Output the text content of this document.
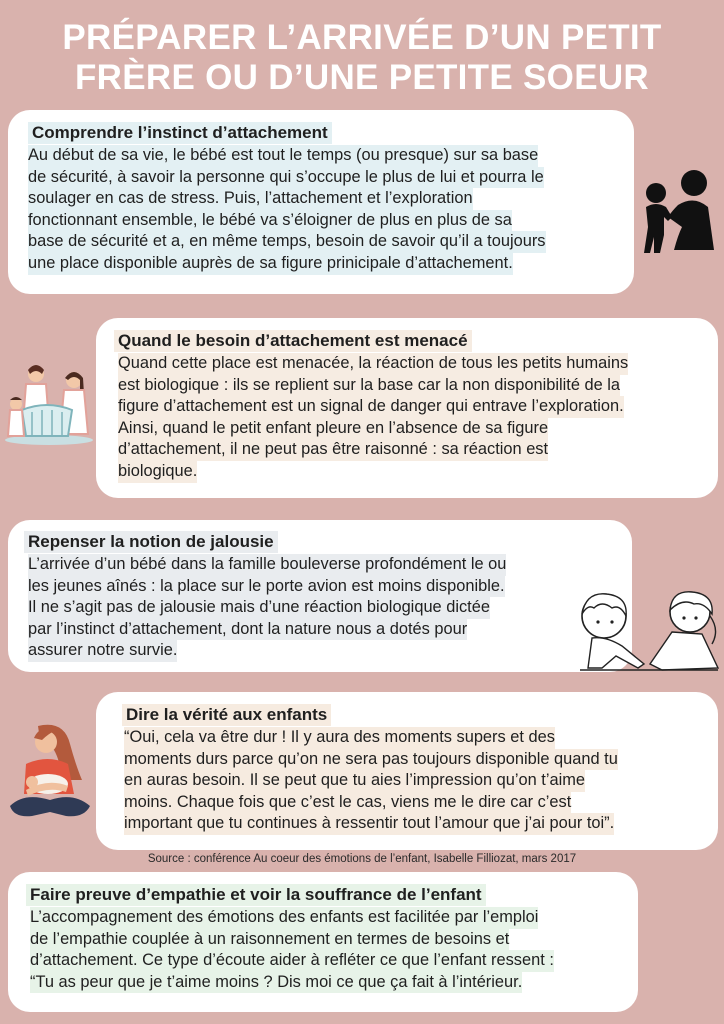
PRÉPARER L’ARRIVÉE D’UN PETIT
FRÈRE OU D’UNE PETITE SOEUR
Comprendre l’instinct d’attachement
Au début de sa vie, le bébé est tout le temps (ou presque) sur sa base
de sécurité, à savoir la personne qui s’occupe le plus de lui et pourra le
soulager en cas de stress. Puis, l’attachement et l’exploration
fonctionnant ensemble, le bébé va s’éloigner de plus en plus de sa
base de sécurité et a, en même temps, besoin de savoir qu’il a toujours
une place disponible auprès de sa figure prinicipale d’attachement.
Quand le besoin d’attachement est menacé
Quand cette place est menacée, la réaction de tous les petits humains
est biologique : ils se replient sur la base car la non disponibilité de la
figure d’attachement est un signal de danger qui entrave l’exploration.
Ainsi, quand le petit enfant pleure en l’absence de sa figure
d’attachement, il ne peut pas être raisonné : sa réaction est
biologique.
Repenser la notion de jalousie
L’arrivée d’un bébé dans la famille bouleverse profondément le ou
les jeunes aînés : la place sur le porte avion est moins disponible.
Il ne s’agit pas de jalousie mais d’une réaction biologique dictée
par l’instinct d’attachement, dont la nature nous a dotés pour
assurer notre survie.
Dire la vérité aux enfants
“Oui, cela va être dur ! Il y aura des moments supers et des
moments durs parce qu’on ne sera pas toujours disponible quand tu
en auras besoin. Il se peut que tu aies l’impression qu’on t’aime
moins. Chaque fois que c’est le cas, viens me le dire car c’est
important que tu continues à ressentir tout l’amour que j’ai pour toi”.
Source : conférence Au coeur des émotions de l’enfant, Isabelle Filliozat, mars 2017
Faire preuve d’empathie et voir la souffrance de l’enfant
L’accompagnement des émotions des enfants est facilitée par l’emploi
de l’empathie couplée à un raisonnement en termes de besoins et
d’attachement. Ce type d’écoute aider à refléter ce que l’enfant ressent :
“Tu as peur que je t’aime moins ? Dis moi ce que ça fait à l’intérieur.
